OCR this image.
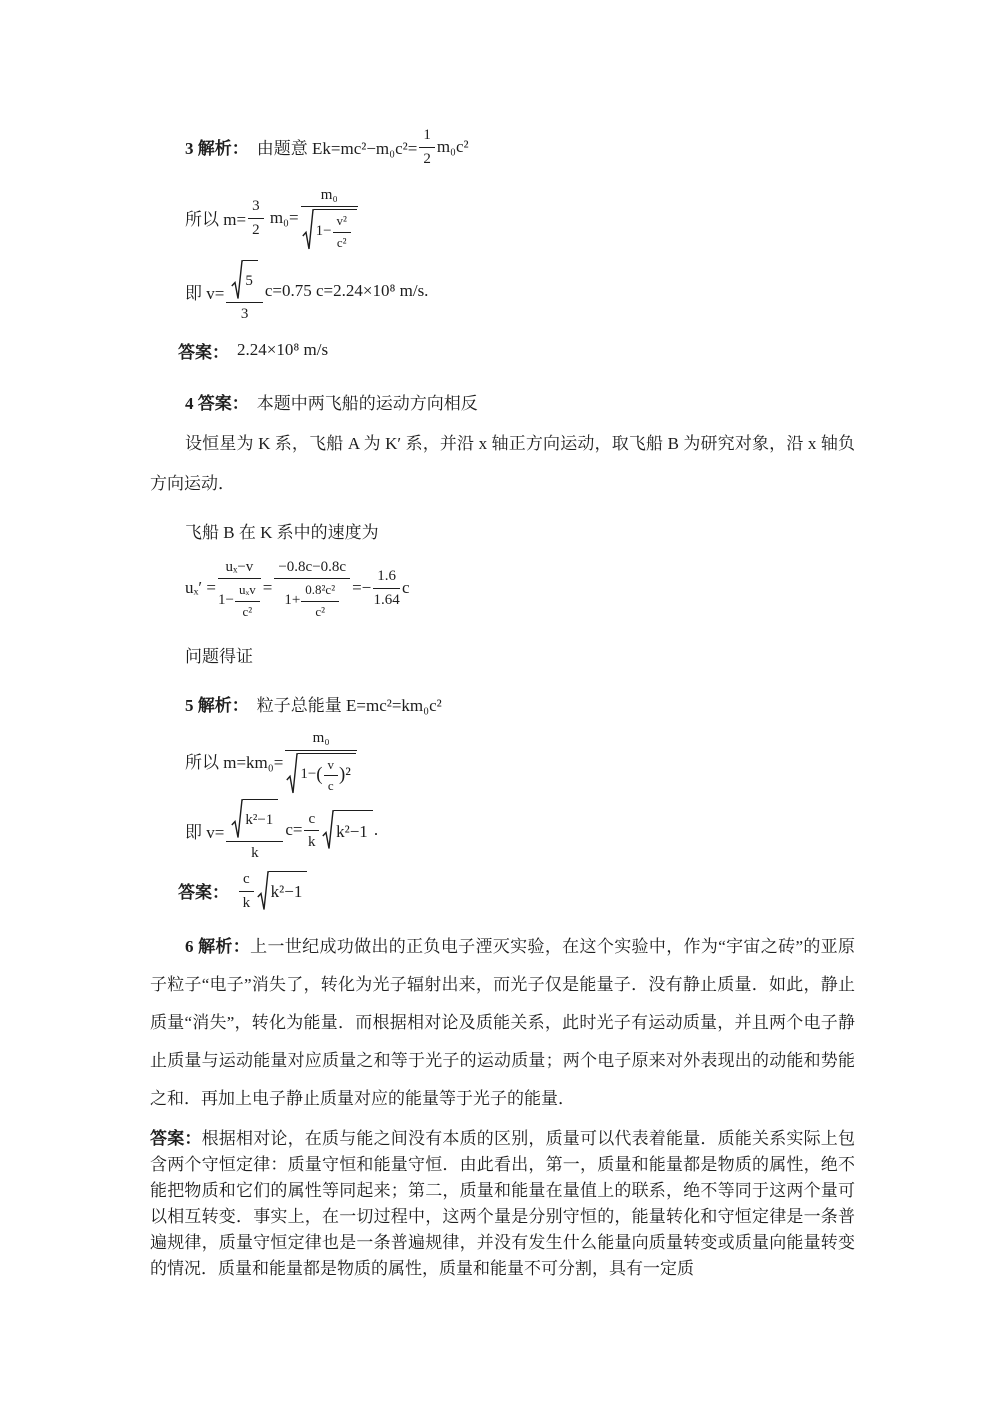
3 解析： 由题意 $Ek=mc^2-m_0c^2= \frac{1}{2} m_0c^2$
所以 $m= \frac{3}{2} m_0= \frac{\text{m₀}}{1- \frac{\text{v²}}{\text{c²}}}$
即 $v= \frac{5}{3} c=0.75$ c=2.24×10⁸ m/s.
答案： 2.24×10⁸ m/s
4 答案： 本题中两飞船的运动方向相反

设恒星为 K 系，飞船 A 为 K′ 系，并沿 x 轴正方向运动，取飞船 B 为研究对象，沿 x 轴负方向运动．

飞船 B 在 K 系中的速度为
$u_x' = \frac{\text{uₓ−v}}{1- \frac{\text{uₓv}}{\text{c²}}} = \frac{-0.8c-0.8c}{1+ \frac{\text{0.8²c²}}{\text{c²}}} =- \frac{1.6}{1.64}$ c
问题得证
5 解析： 粒子总能量 E=mc²=km₀c²
所以 m=km₀=
m₀
1− ( $\frac{v}{c} )^2$
即 $v= \frac{\text{k²−1}}{k} c= \frac{c}{k} k^2-1$ .
答案： $\frac{c}{k} k^2-1$

6 解析：上一世纪成功做出的正负电子湮灭实验，在这个实验中，作为“宇宙之砖”的亚原子粒子“电子”消失了，转化为光子辐射出来，而光子仅是能量子．没有静止质量．如此，静止质量“消失”，转化为能量．而根据相对论及质能关系，此时光子有运动质量，并且两个电子静止质量与运动能量对应质量之和等于光子的运动质量；两个电子原来对外表现出的动能和势能之和．再加上电子静止质量对应的能量等于光子的能量．

答案：根据相对论，在质与能之间没有本质的区别，质量可以代表着能量．质能关系实际上包含两个守恒定律：质量守恒和能量守恒．由此看出，第一，质量和能量都是物质的属性，绝不能把物质和它们的属性等同起来；第二，质量和能量在量值上的联系，绝不等同于这两个量可以相互转变．事实上，在一切过程中，这两个量是分别守恒的，能量转化和守恒定律是一条普遍规律，质量守恒定律也是一条普遍规律，并没有发生什么能量向质量转变或质量向能量转变的情况．质量和能量都是物质的属性，质量和能量不可分割，具有一定质
